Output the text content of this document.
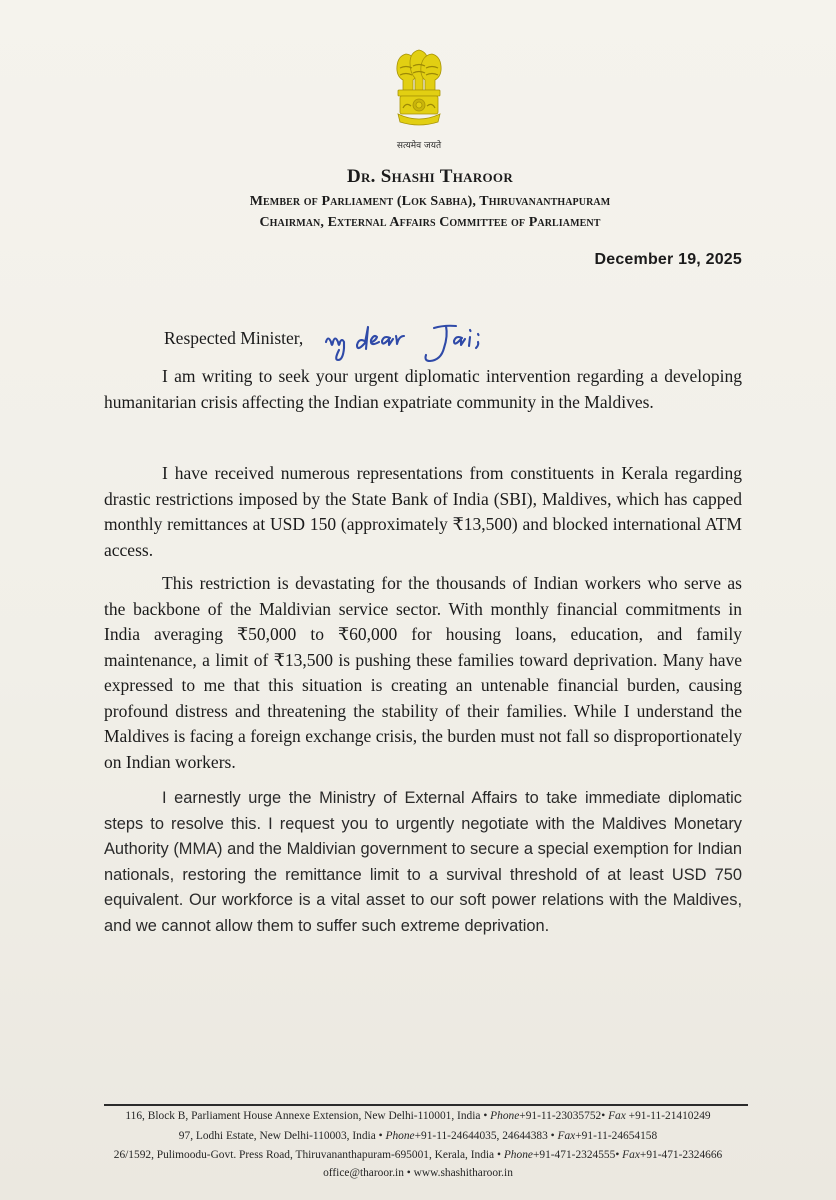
सत्यमेव जयते
Dr. Shashi Tharoor
Member of Parliament (Lok Sabha), Thiruvananthapuram
Chairman, External Affairs Committee of Parliament
December 19, 2025
Respected Minister,
my dear Jai;

I am writing to seek your urgent diplomatic intervention regarding a developing humanitarian crisis affecting the Indian expatriate community in the Maldives.

I have received numerous representations from constituents in Kerala regarding drastic restrictions imposed by the State Bank of India (SBI), Maldives, which has capped monthly remittances at USD 150 (approximately ₹13,500) and blocked international ATM access.

This restriction is devastating for the thousands of Indian workers who serve as the backbone of the Maldivian service sector. With monthly financial commitments in India averaging ₹50,000 to ₹60,000 for housing loans, education, and family maintenance, a limit of ₹13,500 is pushing these families toward deprivation. Many have expressed to me that this situation is creating an untenable financial burden, causing profound distress and threatening the stability of their families. While I understand the Maldives is facing a foreign exchange crisis, the burden must not fall so disproportionately on Indian workers.

I earnestly urge the Ministry of External Affairs to take immediate diplomatic steps to resolve this. I request you to urgently negotiate with the Maldives Monetary Authority (MMA) and the Maldivian government to secure a special exemption for Indian nationals, restoring the remittance limit to a survival threshold of at least USD 750 equivalent. Our workforce is a vital asset to our soft power relations with the Maldives, and we cannot allow them to suffer such extreme deprivation.

116, Block B, Parliament House Annexe Extension, New Delhi-110001, India • Phone+91-11-23035752• Fax +91-11-21410249
97, Lodhi Estate, New Delhi-110003, India • Phone+91-11-24644035, 24644383 • Fax+91-11-24654158
26/1592, Pulimoodu-Govt. Press Road, Thiruvananthapuram-695001, Kerala, India • Phone+91-471-2324555• Fax+91-471-2324666
office@tharoor.in • www.shashitharoor.in
